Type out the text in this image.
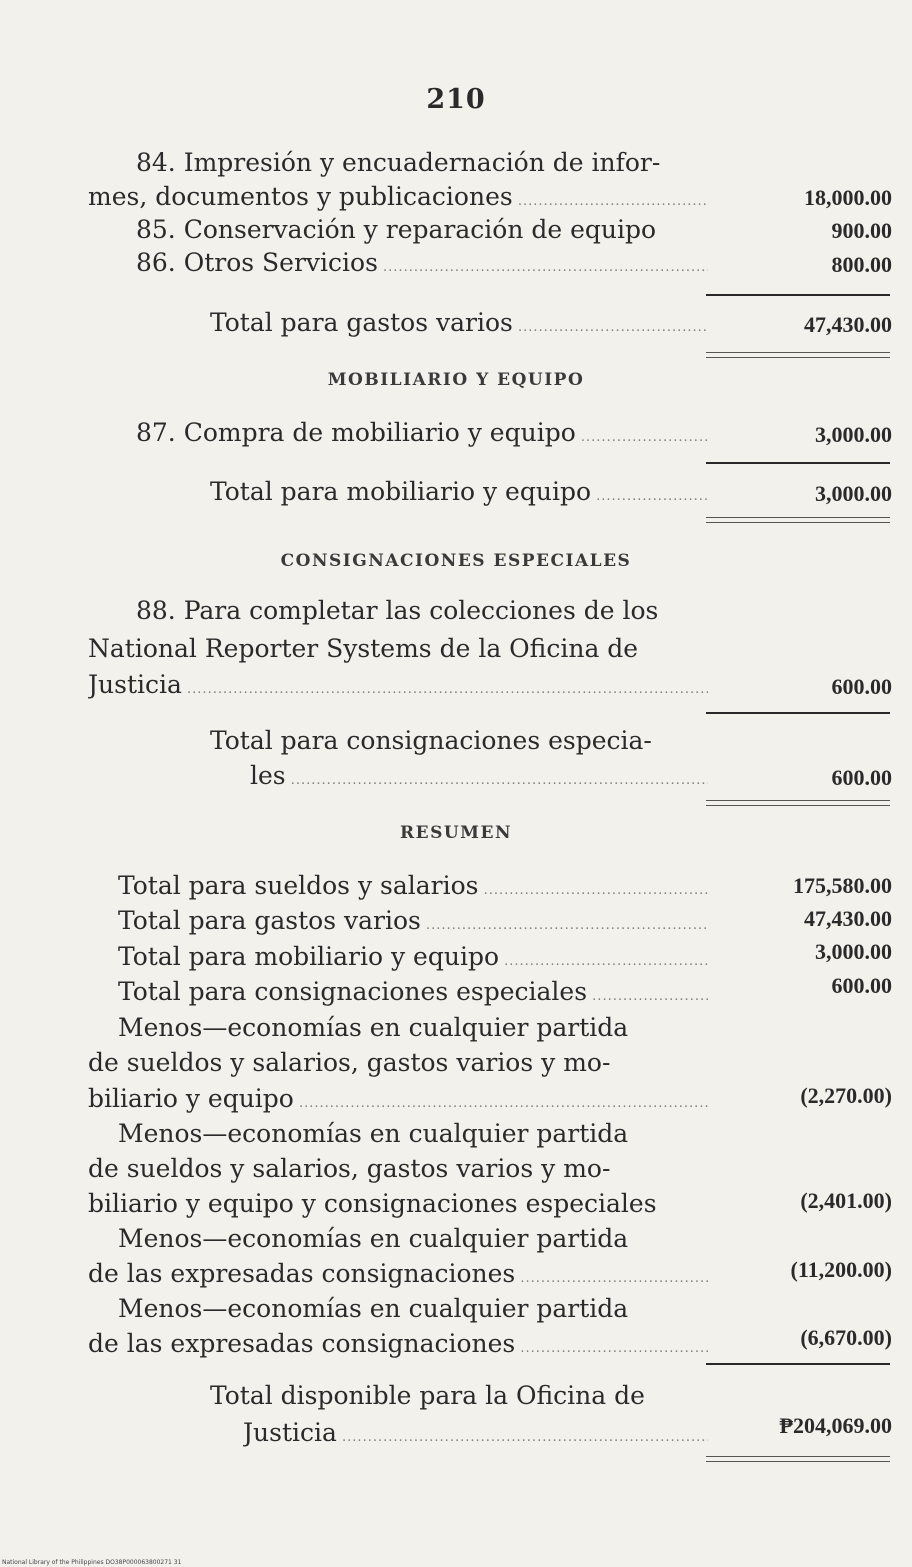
210
84. Impresión y encuadernación de infor-
mes, documentos y publicaciones .....	18,000.00
85. Conservación y reparación de equipo	900.00
86. Otros Servicios .....	800.00
Total para gastos varios .....	47,430.00
MOBILIARIO Y EQUIPO
87. Compra de mobiliario y equipo .....	3,000.00
Total para mobiliario y equipo .....	3,000.00
CONSIGNACIONES ESPECIALES
88. Para completar las colecciones de los
National Reporter Systems de la Oficina de
Justicia .....	600.00
Total para consignaciones especia-
les .....	600.00
RESUMEN
Total para sueldos y salarios .....	175,580.00
Total para gastos varios .....	47,430.00
Total para mobiliario y equipo .....	3,000.00
Total para consignaciones especiales .....	600.00
Menos—economías en cualquier partida
de sueldos y salarios, gastos varios y mo-
biliario y equipo .....	(2,270.00)
Menos—economías en cualquier partida
de sueldos y salarios, gastos varios y mo-
biliario y equipo y consignaciones especiales	(2,401.00)
Menos—economías en cualquier partida
de las expresadas consignaciones .....	(11,200.00)
Menos—economías en cualquier partida
de las expresadas consignaciones .....	(6,670.00)
Total disponible para la Oficina de
Justicia .....	₱204,069.00
National Library of the Philippines DO38P000063800271 31
